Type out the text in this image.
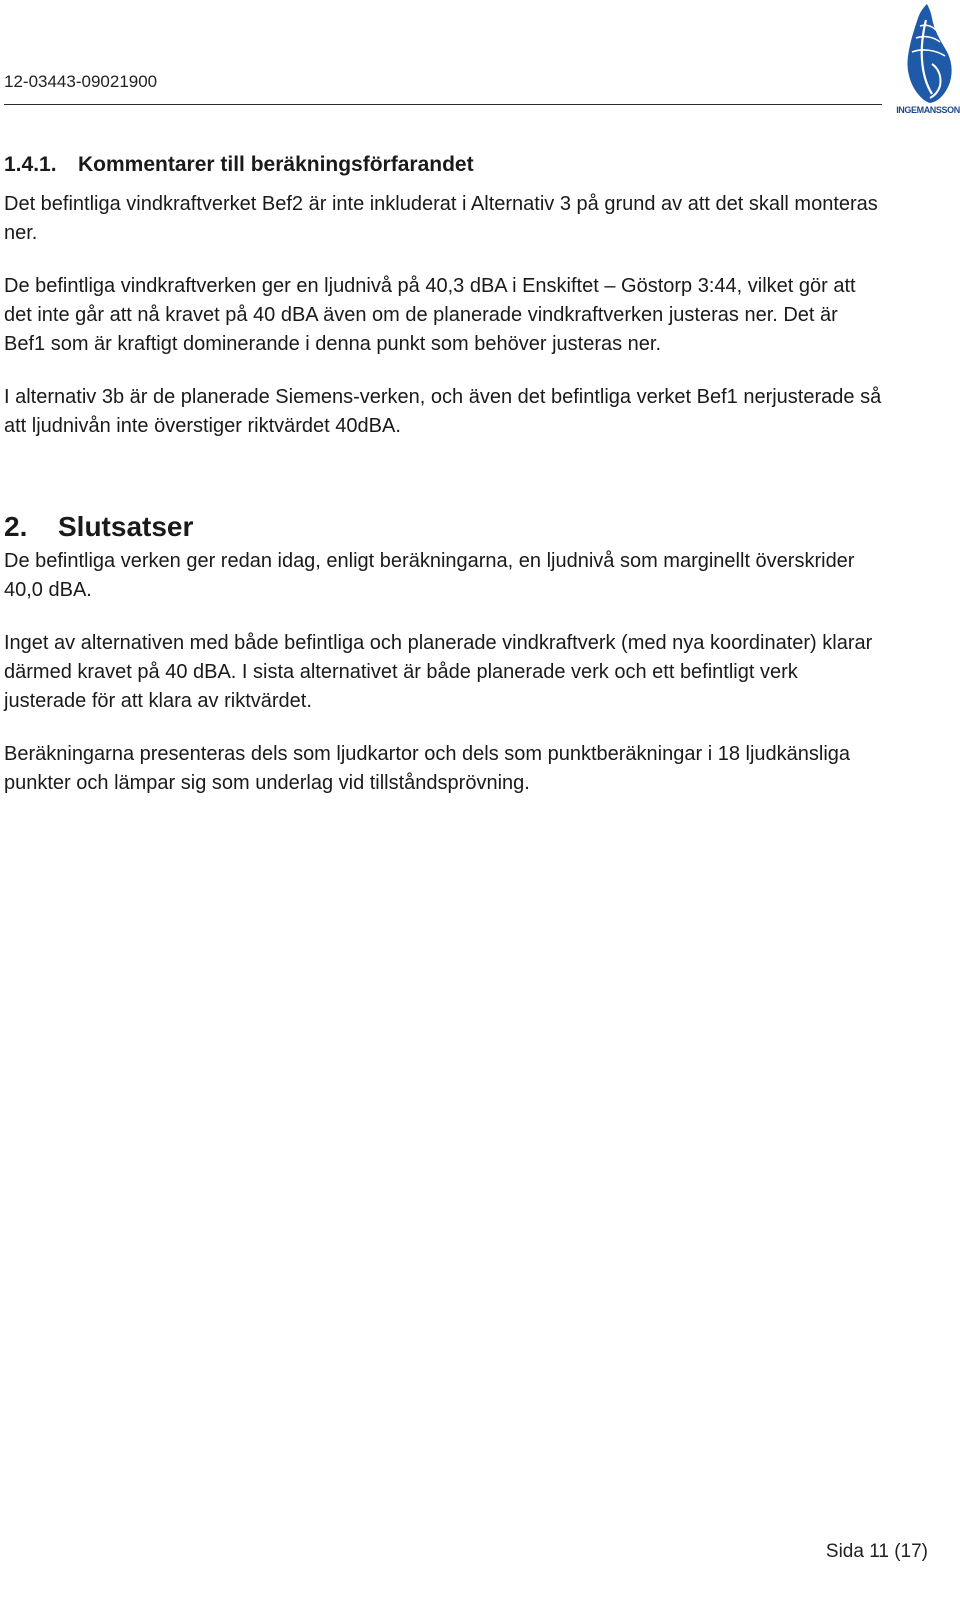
12-03443-09021900
INGEMANSSON
1.4.1. Kommentarer till beräkningsförfarandet

Det befintliga vindkraftverket Bef2 är inte inkluderat i Alternativ 3 på grund av att det skall monteras ner.

De befintliga vindkraftverken ger en ljudnivå på 40,3 dBA i Enskiftet – Göstorp 3:44, vilket gör att det inte går att nå kravet på 40 dBA även om de planerade vindkraftverken justeras ner. Det är Bef1 som är kraftigt dominerande i denna punkt som behöver justeras ner.

I alternativ 3b är de planerade Siemens-verken, och även det befintliga verket Bef1 nerjusterade så att ljudnivån inte överstiger riktvärdet 40dBA.

2. Slutsatser

De befintliga verken ger redan idag, enligt beräkningarna, en ljudnivå som marginellt överskrider 40,0 dBA.

Inget av alternativen med både befintliga och planerade vindkraftverk (med nya koordinater) klarar därmed kravet på 40 dBA. I sista alternativet är både planerade verk och ett befintligt verk justerade för att klara av riktvärdet.

Beräkningarna presenteras dels som ljudkartor och dels som punktberäkningar i 18 ljudkänsliga punkter och lämpar sig som underlag vid tillståndsprövning.

Sida 11 (17)
